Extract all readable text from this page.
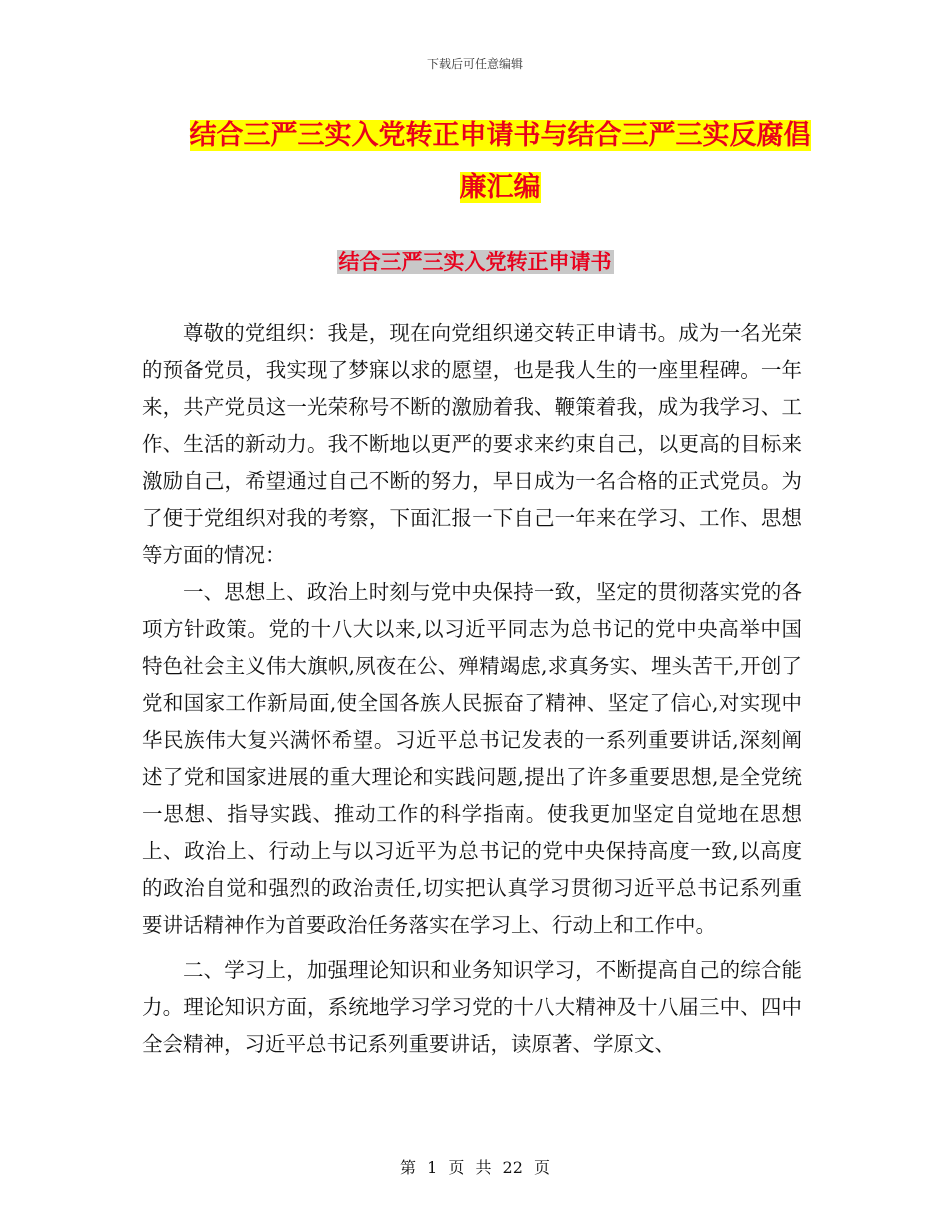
下载后可任意编辑
结合三严三实入党转正申请书与结合三严三实反腐倡
廉汇编
结合三严三实入党转正申请书

尊敬的党组织：我是，现在向党组织递交转正申请书。成为一名光荣的预备党员，我实现了梦寐以求的愿望，也是我人生的一座里程碑。一年来，共产党员这一光荣称号不断的激励着我、鞭策着我，成为我学习、工作、生活的新动力。我不断地以更严的要求来约束自己，以更高的目标来激励自己，希望通过自己不断的努力，早日成为一名合格的正式党员。为了便于党组织对我的考察，下面汇报一下自己一年来在学习、工作、思想等方面的情况：

一、思想上、政治上时刻与党中央保持一致，坚定的贯彻落实党的各项方针政策。党的十八大以来,以习近平同志为总书记的党中央高举中国特色社会主义伟大旗帜,夙夜在公、殚精竭虑,求真务实、埋头苦干,开创了党和国家工作新局面,使全国各族人民振奋了精神、坚定了信心,对实现中华民族伟大复兴满怀希望。习近平总书记发表的一系列重要讲话,深刻阐述了党和国家进展的重大理论和实践问题,提出了许多重要思想,是全党统一思想、指导实践、推动工作的科学指南。使我更加坚定自觉地在思想上、政治上、行动上与以习近平为总书记的党中央保持高度一致,以高度的政治自觉和强烈的政治责任,切实把认真学习贯彻习近平总书记系列重要讲话精神作为首要政治任务落实在学习上、行动上和工作中。

二、学习上，加强理论知识和业务知识学习，不断提高自己的综合能力。理论知识方面，系统地学习学习党的十八大精神及十八届三中、四中全会精神，习近平总书记系列重要讲话，读原著、学原文、

第 1 页 共 22 页
